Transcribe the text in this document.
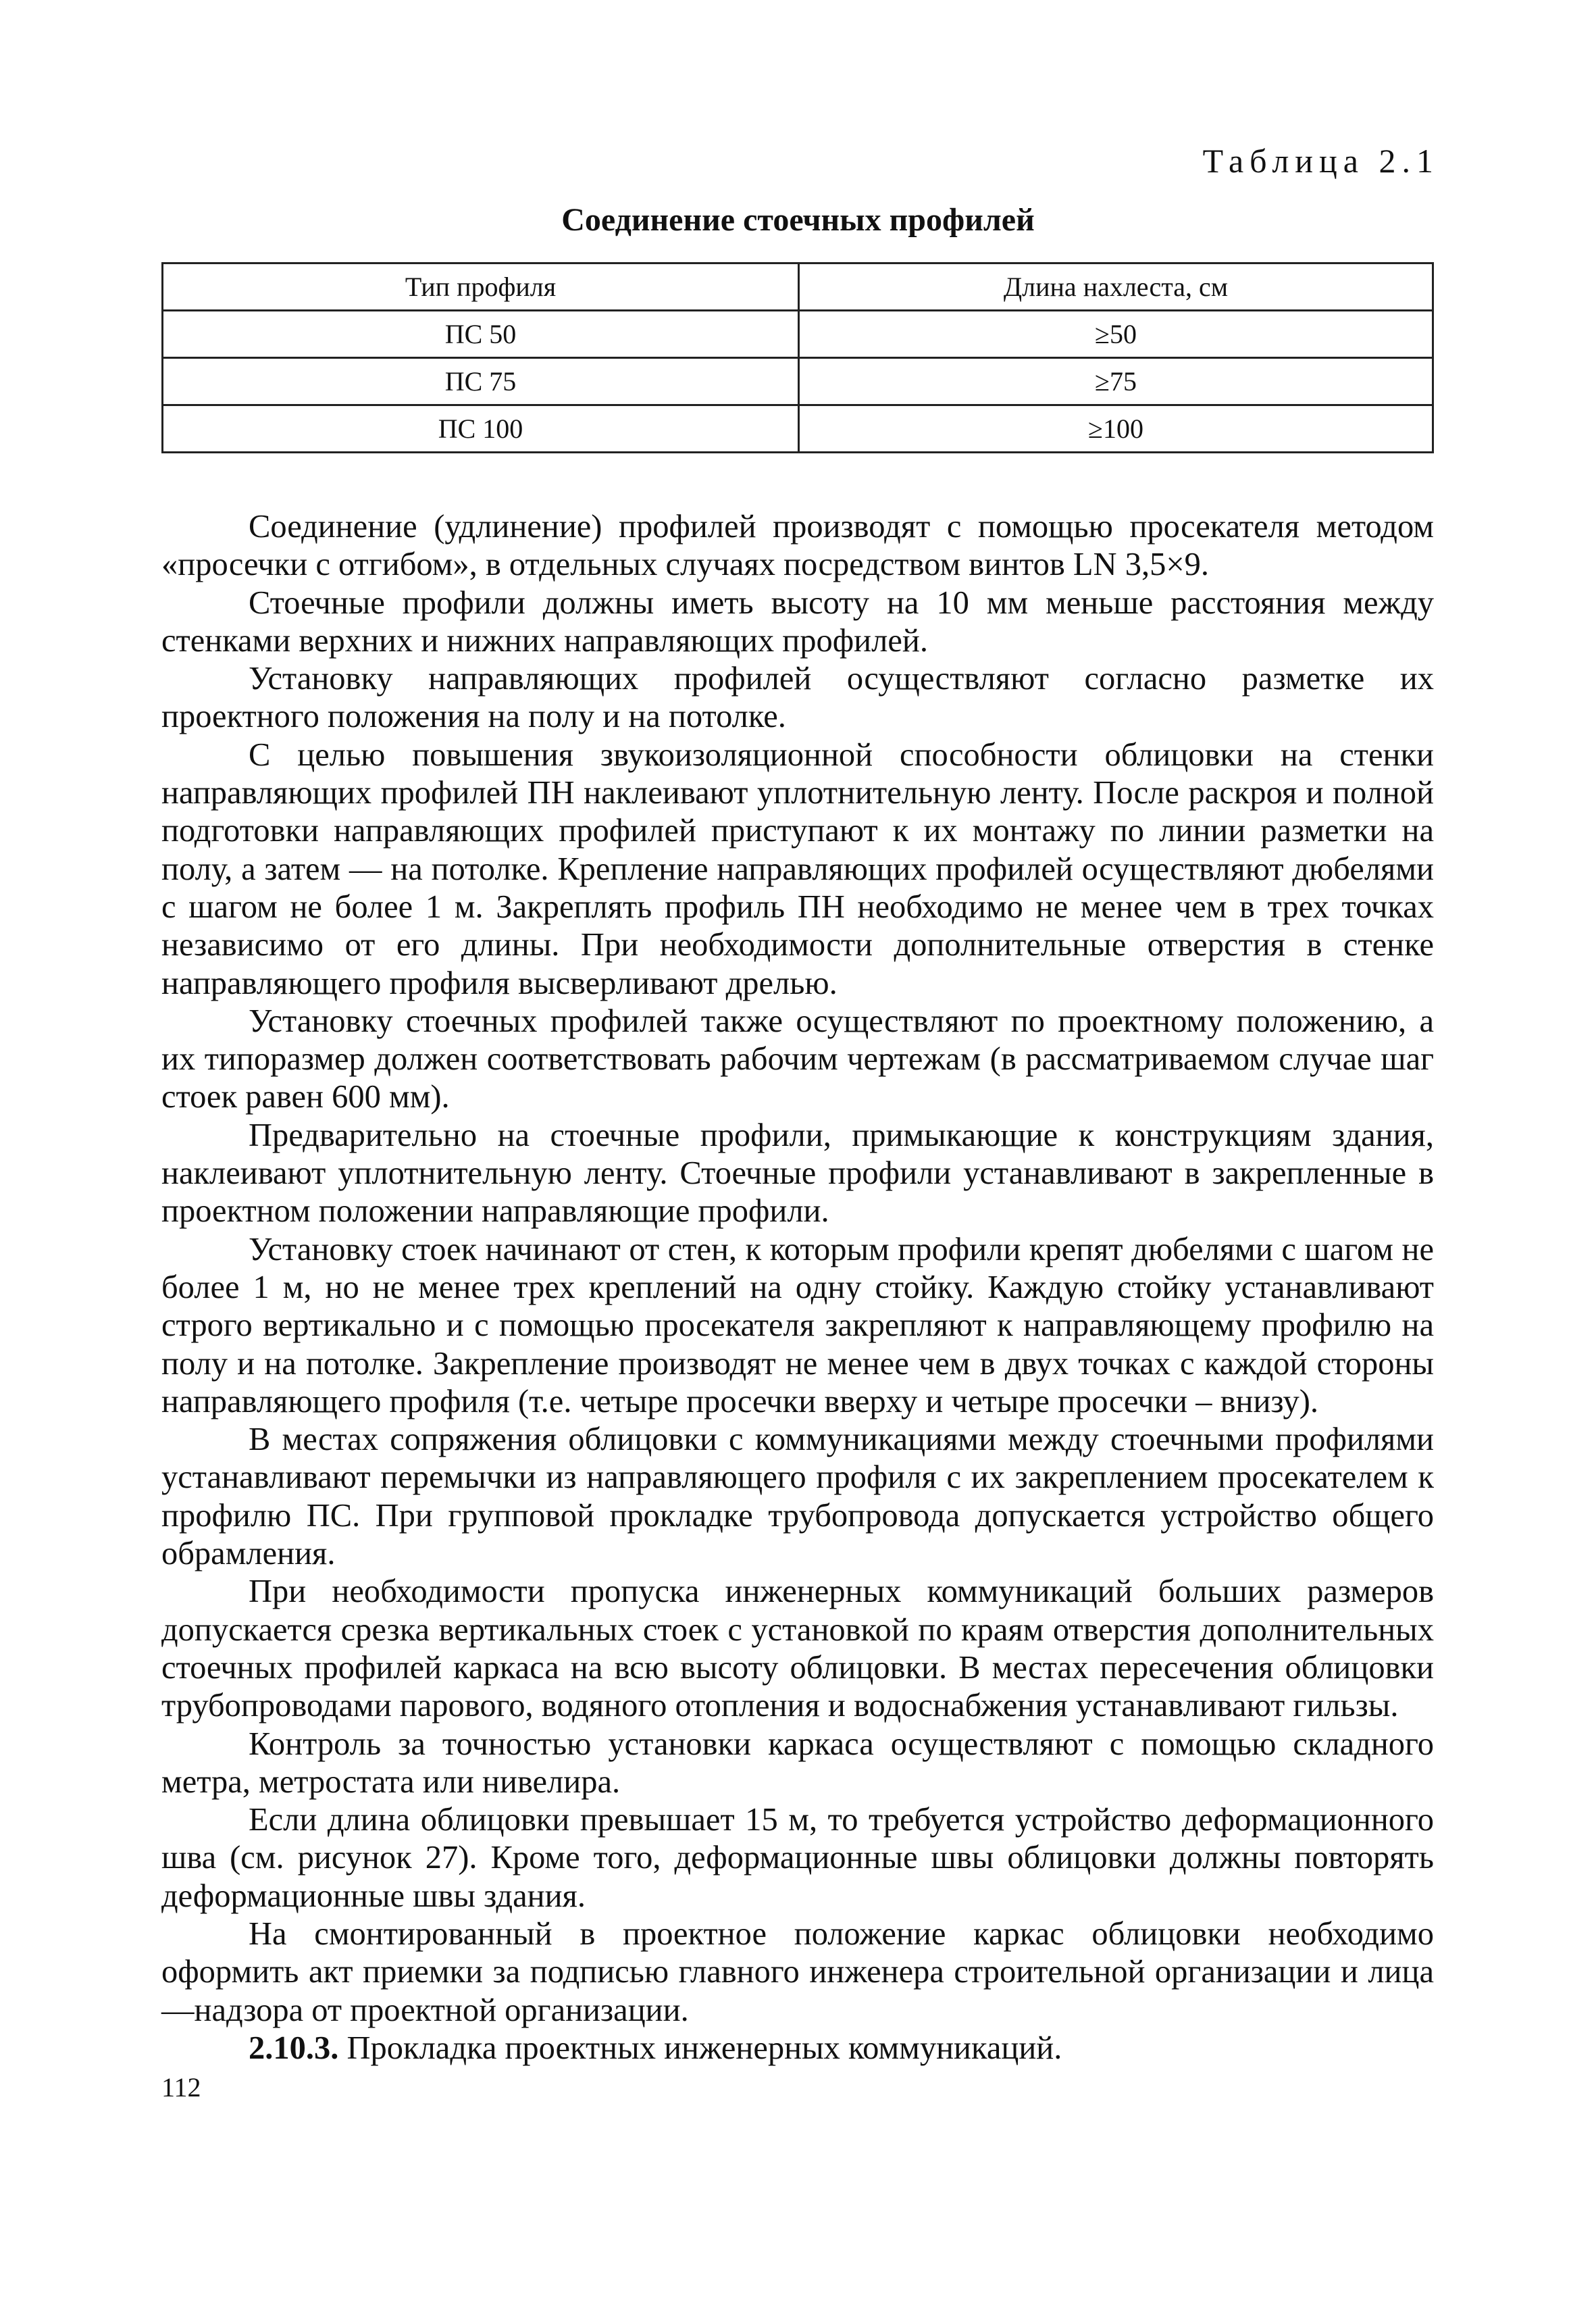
Таблица 2.1
Соединение стоечных профилей
Тип профиля	Длина нахлеста, см
ПС 50	≥50
ПС 75	≥75
ПС 100	≥100

Соединение (удлинение) профилей производят с помощью просекателя методом «просечки с отгибом», в отдельных случаях посредством винтов LN 3,5×9.

Стоечные профили должны иметь высоту на 10 мм меньше расстояния между стенками верхних и нижних направляющих профилей.

Установку направляющих профилей осуществляют согласно разметке их проектного положения на полу и на потолке.

С целью повышения звукоизоляционной способности облицовки на стенки направляющих профилей ПН наклеивают уплотнительную ленту. После раскроя и полной подготовки направляющих профилей приступают к их монтажу по линии разметки на полу, а затем — на потолке. Крепление направляющих профилей осуществляют дюбелями с шагом не более 1 м. Закреплять профиль ПН необходимо не менее чем в трех точках независимо от его длины. При необходимости дополнительные отверстия в стенке направляющего профиля высверливают дрелью.

Установку стоечных профилей также осуществляют по проектному положению, а их типоразмер должен соответствовать рабочим чертежам (в рассматриваемом случае шаг стоек равен 600 мм).

Предварительно на стоечные профили, примыкающие к конструкциям здания, наклеивают уплотнительную ленту. Стоечные профили устанавливают в закрепленные в проектном положении направляющие профили.

Установку стоек начинают от стен, к которым профили крепят дюбелями с шагом не более 1 м, но не менее трех креплений на одну стойку. Каждую стойку устанавливают строго вертикально и с помощью просекателя закрепляют к направляющему профилю на полу и на потолке. Закрепление производят не менее чем в двух точках с каждой стороны направляющего профиля (т.е. четыре просечки вверху и четыре просечки – внизу).

В местах сопряжения облицовки с коммуникациями между стоечными профилями устанавливают перемычки из направляющего профиля с их закреплением просекателем к профилю ПС. При групповой прокладке трубопровода допускается устройство общего обрамления.

При необходимости пропуска инженерных коммуникаций больших размеров допускается срезка вертикальных стоек с установкой по краям отверстия дополнительных стоечных профилей каркаса на всю высоту облицовки. В местах пересечения облицовки трубопроводами парового, водяного отопления и водоснабжения устанавливают гильзы.

Контроль за точностью установки каркаса осуществляют с помощью складного метра, метростата или нивелира.

Если длина облицовки превышает 15 м, то требуется устройство деформационного шва (см. рисунок 27). Кроме того, деформационные швы облицовки должны повторять деформационные швы здания.

На смонтированный в проектное положение каркас облицовки необходимо оформить акт приемки за подписью главного инженера строительной организации и лица—надзора от проектной организации.

2.10.3. Прокладка проектных инженерных коммуникаций.

112
